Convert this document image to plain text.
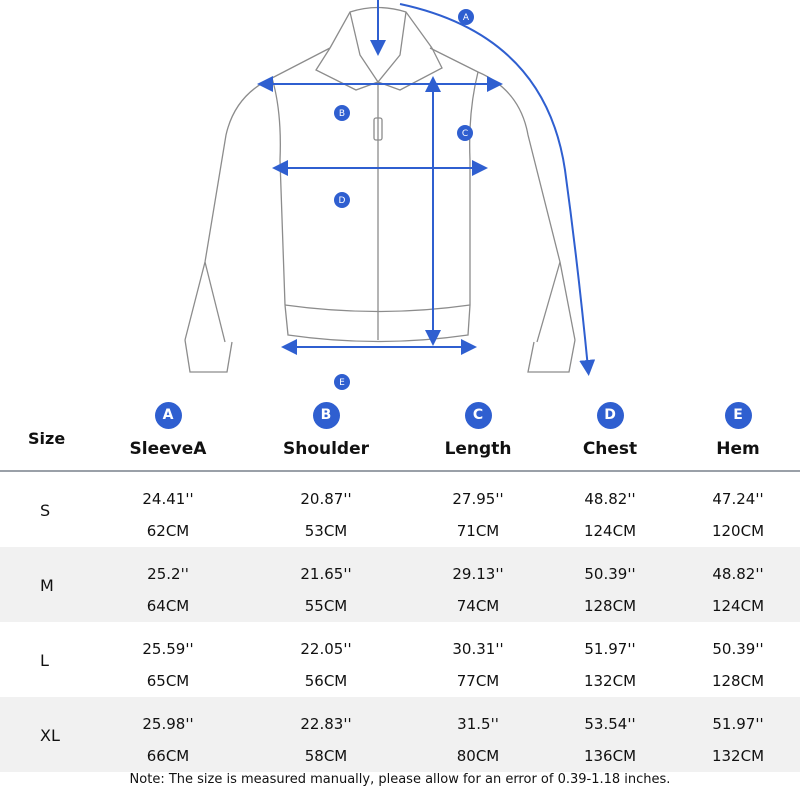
A
B
C
D
E
Size
A
SleeveA
B
Shoulder
C
Length
D
Chest
E
Hem
S
24.41''
62CM
20.87''
53CM
27.95''
71CM
48.82''
124CM
47.24''
120CM
M
25.2''
64CM
21.65''
55CM
29.13''
74CM
50.39''
128CM
48.82''
124CM
L
25.59''
65CM
22.05''
56CM
30.31''
77CM
51.97''
132CM
50.39''
128CM
XL
25.98''
66CM
22.83''
58CM
31.5''
80CM
53.54''
136CM
51.97''
132CM
Note: The size is measured manually, please allow for an error of 0.39-1.18 inches.
